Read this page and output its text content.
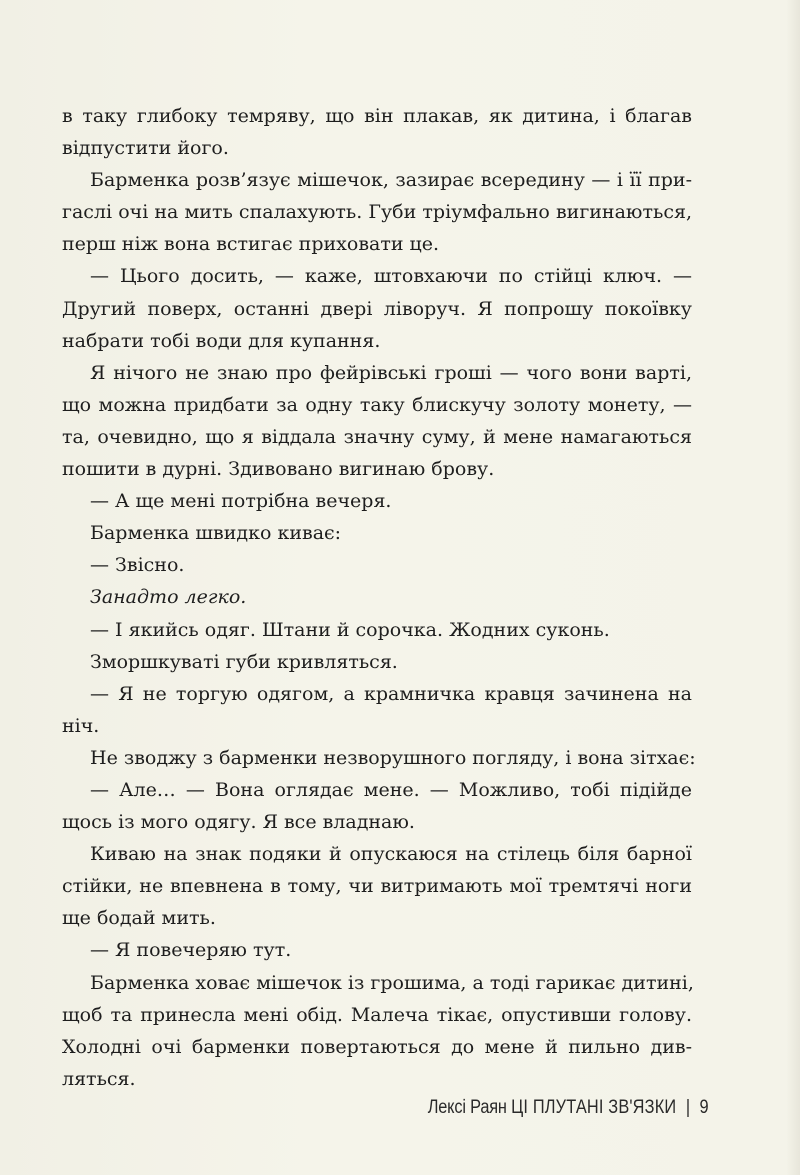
в таку глибоку темряву, що він плакав, як дитина, і благав
відпустити його.
Барменка розв’язує мішечок, зазирає всередину — і її при-
гаслі очі на мить спалахують. Губи тріумфально вигинаються,
перш ніж вона встигає приховати це.
— Цього досить, — каже, штовхаючи по стійці ключ. —
Другий поверх, останні двері ліворуч. Я попрошу покоївку
набрати тобі води для купання.
Я нічого не знаю про фейрівські гроші — чого вони варті,
що можна придбати за одну таку блискучу золоту монету, —
та, очевидно, що я віддала значну суму, й мене намагаються
пошити в дурні. Здивовано вигинаю брову.
— А ще мені потрібна вечеря.
Барменка швидко киває:
— Звісно.
Занадто легко.
— І якийсь одяг. Штани й сорочка. Жодних суконь.
Зморшкуваті губи кривляться.
— Я не торгую одягом, а крамничка кравця зачинена на
ніч.
Не зводжу з барменки незворушного погляду, і вона зітхає:
— Але… — Вона оглядає мене. — Можливо, тобі підійде
щось із мого одягу. Я все владнаю.
Киваю на знак подяки й опускаюся на стілець біля барної
стійки, не впевнена в тому, чи витримають мої тремтячі ноги
ще бодай мить.
— Я повечеряю тут.
Барменка ховає мішечок із грошима, а тоді гарикає дитині,
щоб та принесла мені обід. Малеча тікає, опустивши голову.
Холодні очі барменки повертаються до мене й пильно див-
ляться.
Лексі Раян ЦІ ПЛУТАНІ ЗВ'ЯЗКИ | 9
